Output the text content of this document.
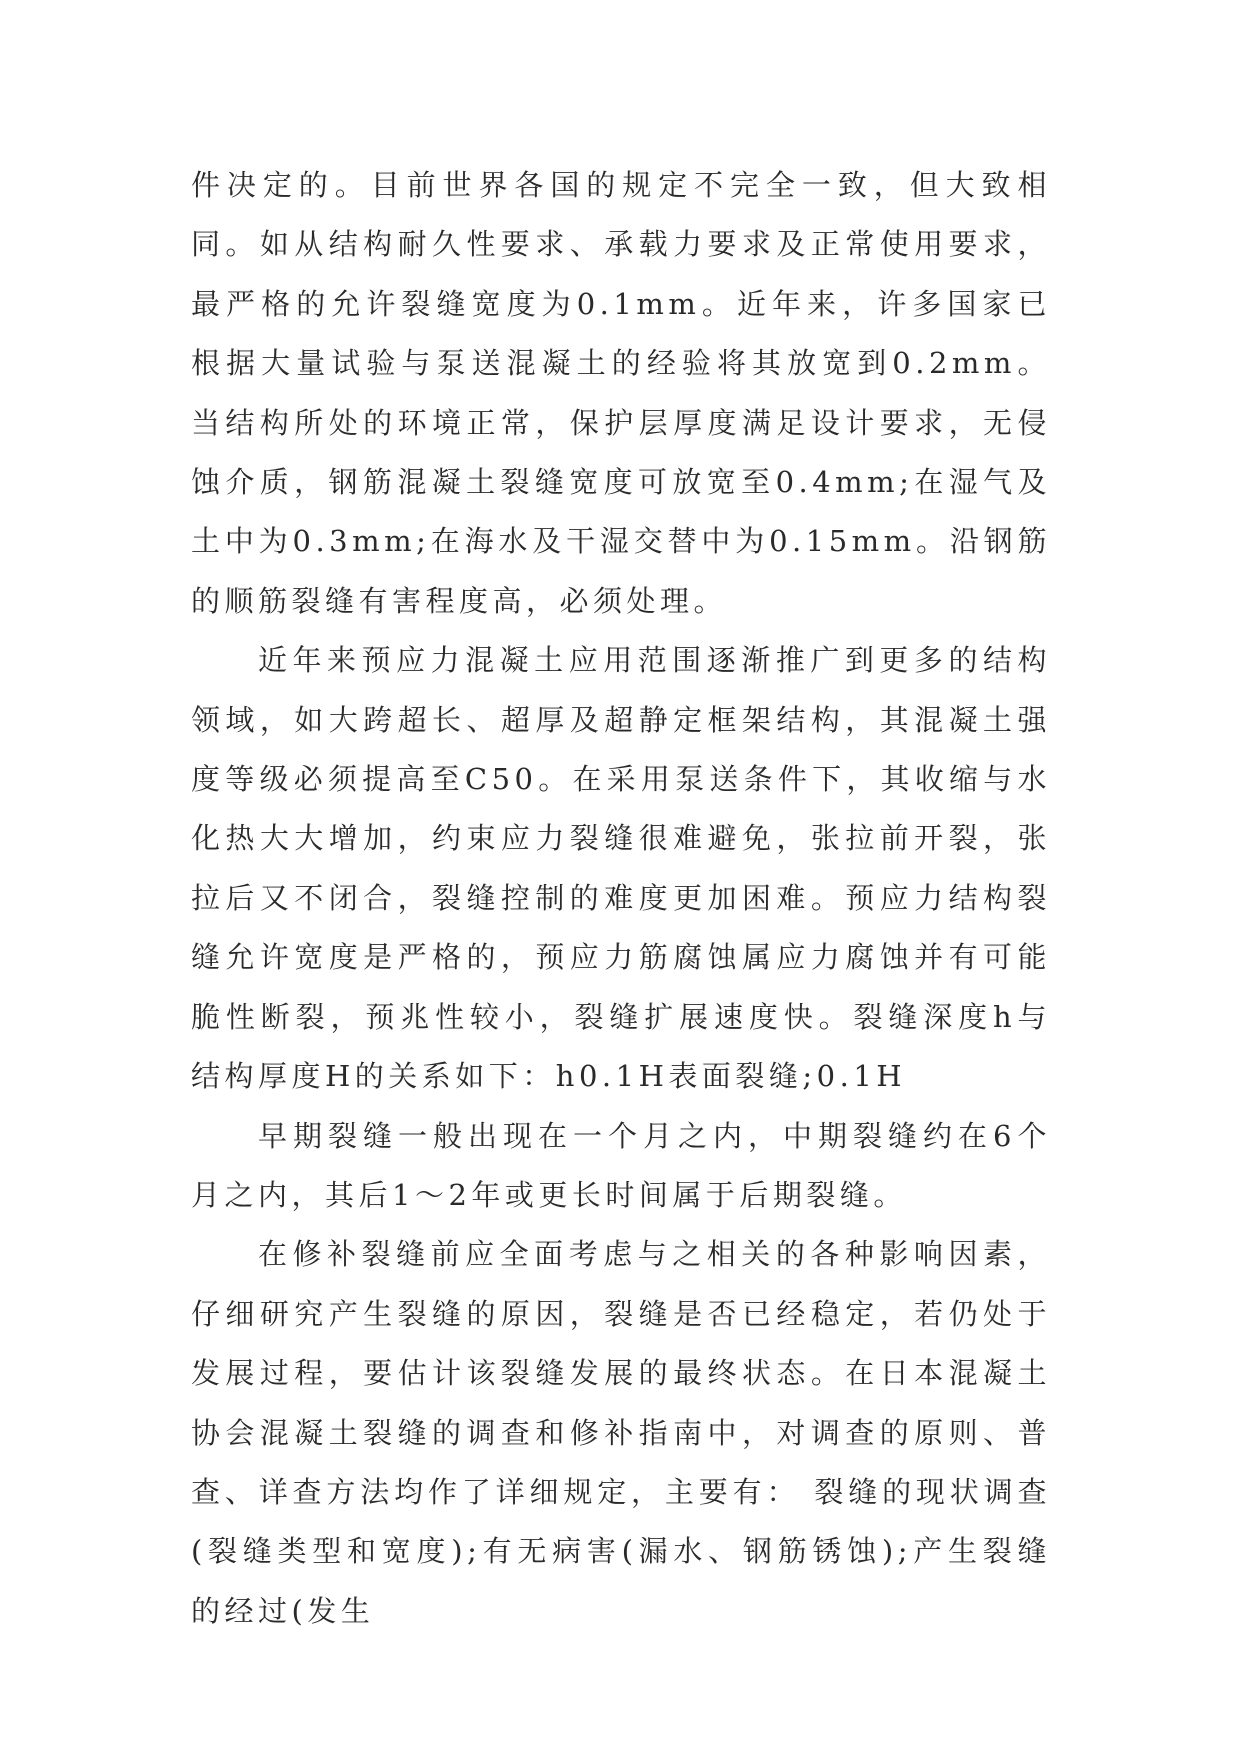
件决定的。目前世界各国的规定不完全一致，但大致相同。如从结构耐久性要求、承载力要求及正常使用要求，最严格的允许裂缝宽度为0.1mm。近年来，许多国家已根据大量试验与泵送混凝土的经验将其放宽到0.2mm。当结构所处的环境正常，保护层厚度满足设计要求，无侵蚀介质，钢筋混凝土裂缝宽度可放宽至0.4mm;在湿气及土中为0.3mm;在海水及干湿交替中为0.15mm。沿钢筋的顺筋裂缝有害程度高，必须处理。

近年来预应力混凝土应用范围逐渐推广到更多的结构领域，如大跨超长、超厚及超静定框架结构，其混凝土强度等级必须提高至C50。在采用泵送条件下，其收缩与水化热大大增加，约束应力裂缝很难避免，张拉前开裂，张拉后又不闭合，裂缝控制的难度更加困难。预应力结构裂缝允许宽度是严格的，预应力筋腐蚀属应力腐蚀并有可能脆性断裂，预兆性较小，裂缝扩展速度快。裂缝深度h与结构厚度H的关系如下：h0.1H表面裂缝;0.1H

早期裂缝一般出现在一个月之内，中期裂缝约在6个月之内，其后1～2年或更长时间属于后期裂缝。

在修补裂缝前应全面考虑与之相关的各种影响因素，仔细研究产生裂缝的原因，裂缝是否已经稳定，若仍处于发展过程，要估计该裂缝发展的最终状态。在日本混凝土协会混凝土裂缝的调查和修补指南中，对调查的原则、普查、详查方法均作了详细规定，主要有： 裂缝的现状调查(裂缝类型和宽度);有无病害(漏水、钢筋锈蚀);产生裂缝的经过(发生
